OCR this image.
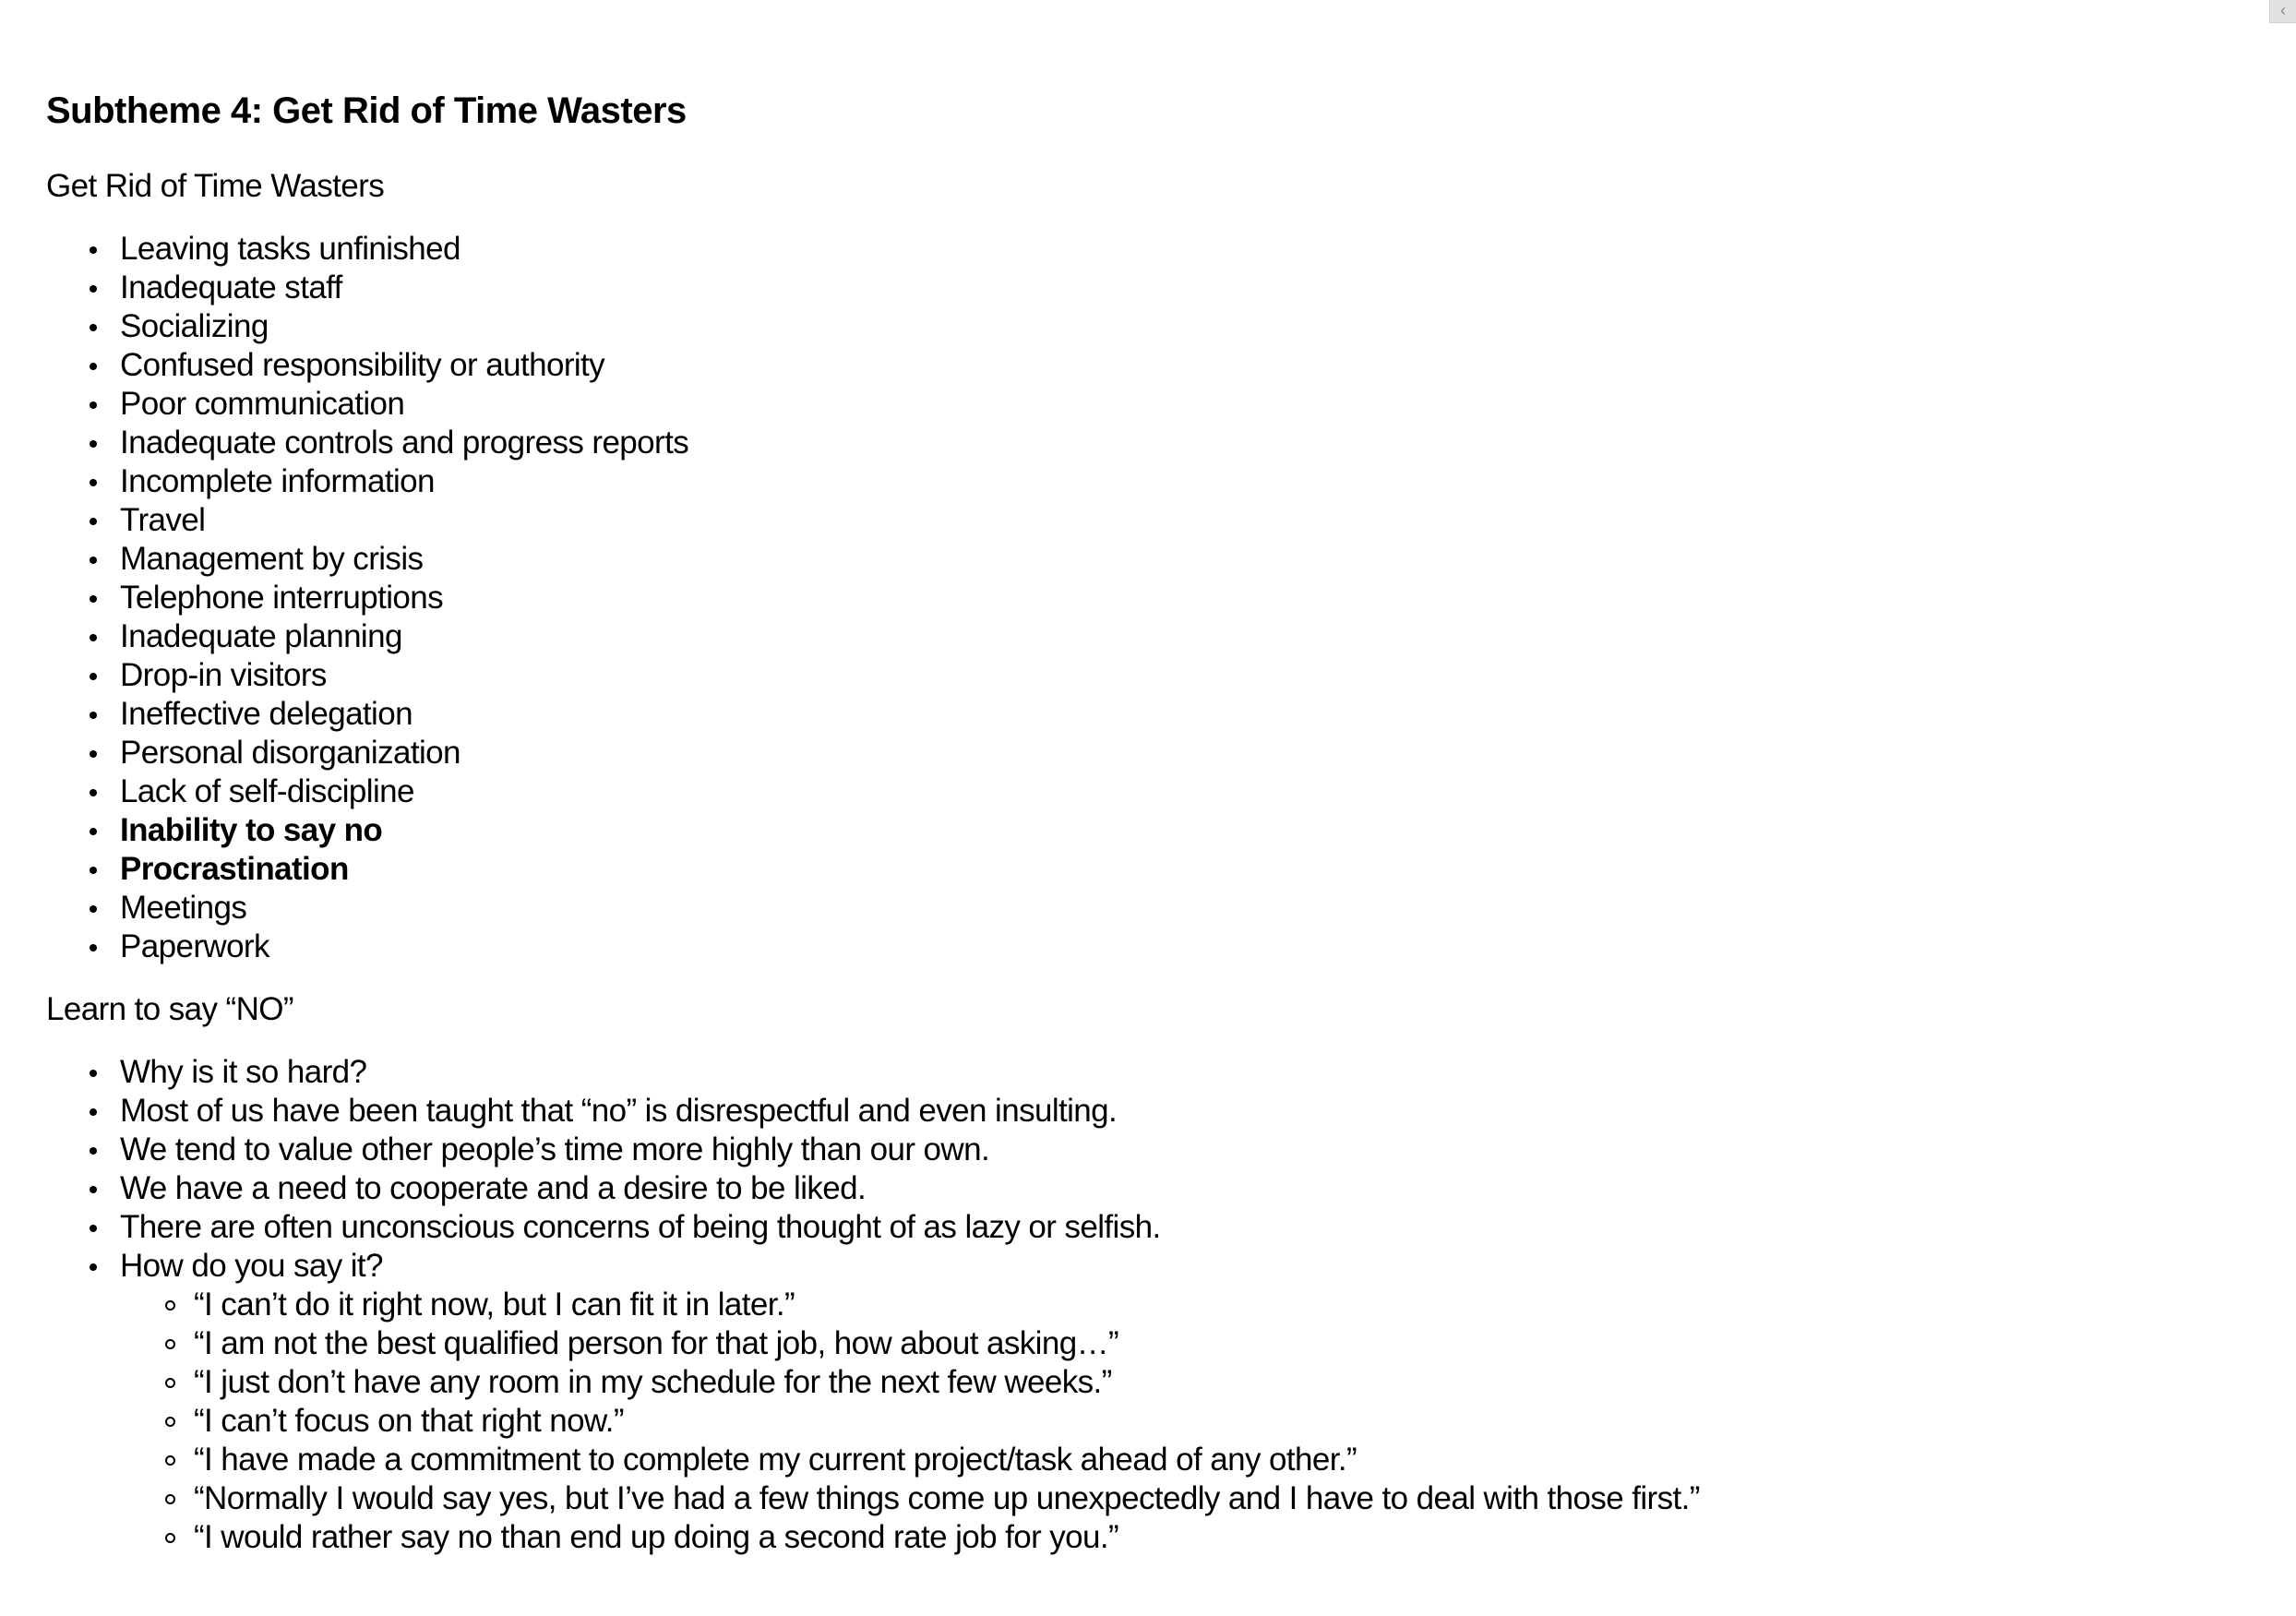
‹
Subtheme 4: Get Rid of Time Wasters

Get Rid of Time Wasters

Leaving tasks unfinished
Inadequate staff
Socializing
Confused responsibility or authority
Poor communication
Inadequate controls and progress reports
Incomplete information
Travel
Management by crisis
Telephone interruptions
Inadequate planning
Drop-in visitors
Ineffective delegation
Personal disorganization
Lack of self-discipline
Inability to say no
Procrastination
Meetings
Paperwork

Learn to say “NO”

Why is it so hard?
Most of us have been taught that “no” is disrespectful and even insulting.
We tend to value other people’s time more highly than our own.
We have a need to cooperate and a desire to be liked.
There are often unconscious concerns of being thought of as lazy or selfish.
How do you say it?
“I can’t do it right now, but I can fit it in later.”
“I am not the best qualified person for that job, how about asking…”
“I just don’t have any room in my schedule for the next few weeks.”
“I can’t focus on that right now.”
“I have made a commitment to complete my current project/task ahead of any other.”
“Normally I would say yes, but I’ve had a few things come up unexpectedly and I have to deal with those first.”
“I would rather say no than end up doing a second rate job for you.”
